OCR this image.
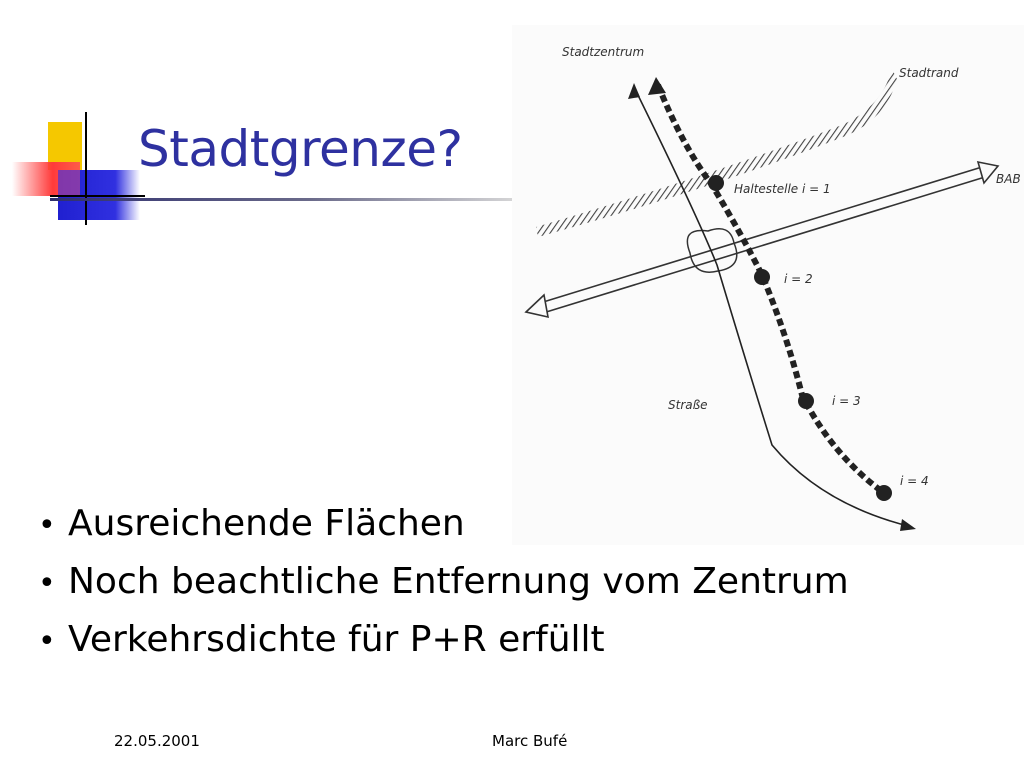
Stadtgrenze?
Stadtzentrum
Stadtrand
BAB
Haltestelle i = 1
i = 2
i = 3
i = 4
Straße
• Ausreichende Flächen
• Noch beachtliche Entfernung vom Zentrum
• Verkehrsdichte für P+R erfüllt
22.05.2001	Marc Bufé
